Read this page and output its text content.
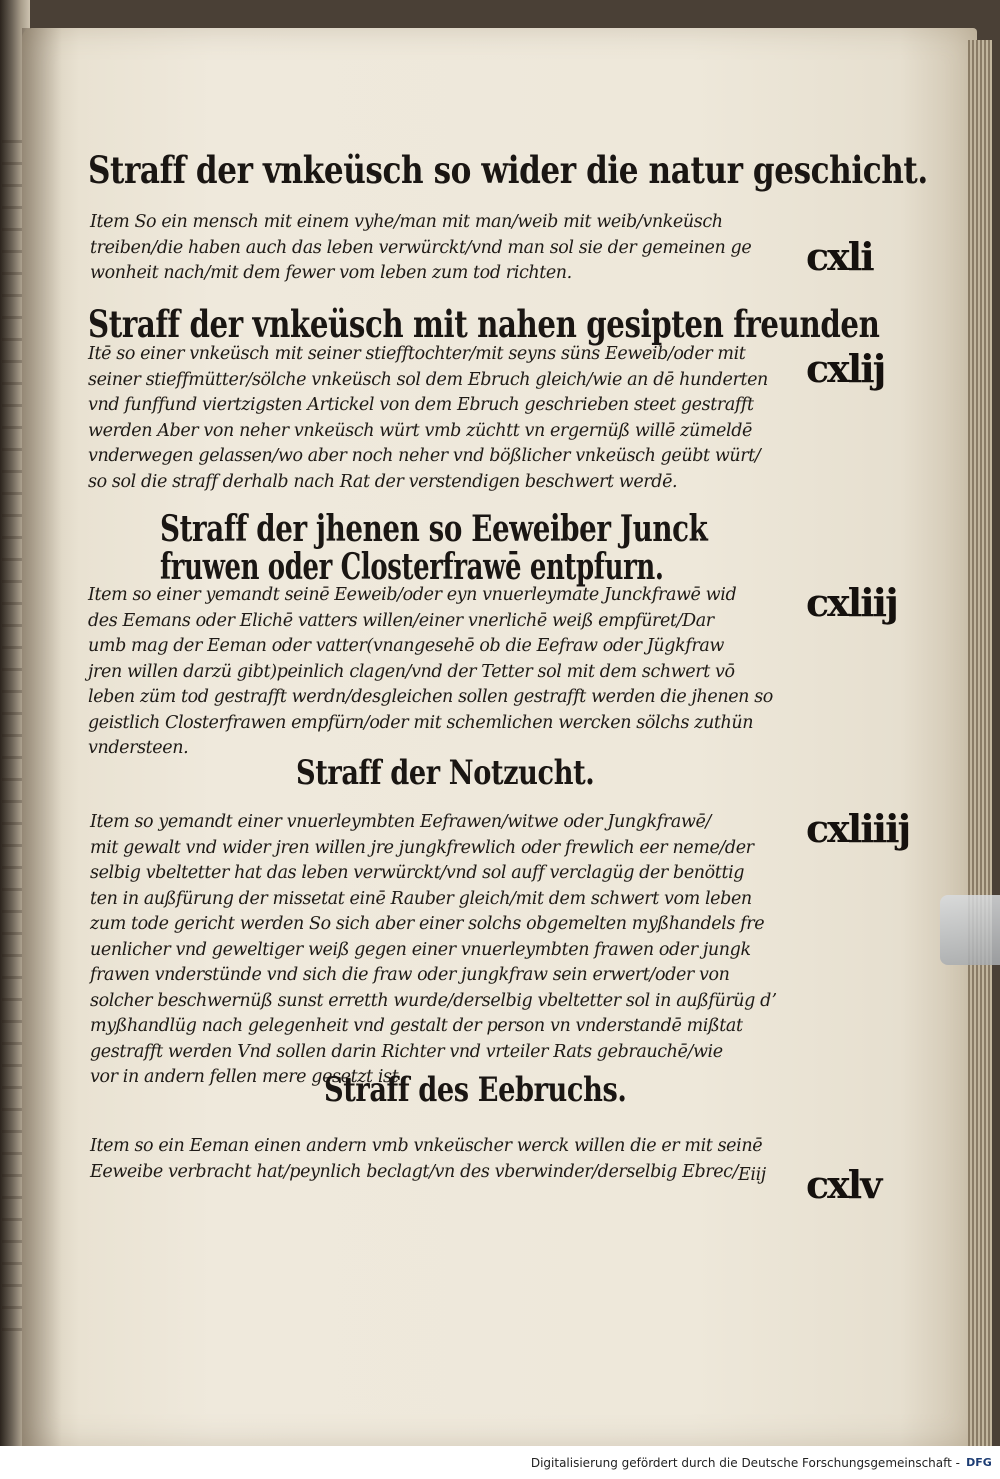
Straff der vnkeüsch so wider die natur geschicht.
Item So ein mensch mit einem vyhe/man mit man/weib mit weib/vnkeüsch
treiben/die haben auch das leben verwürckt/vnd man sol sie der gemeinen ge
wonheit nach/mit dem fewer vom leben zum tod richten.	cxli
Straff der vnkeüsch mit nahen gesipten freunden
Itē so einer vnkeüsch mit seiner stiefftochter/mit seyns süns Eeweib/oder mit
seiner stieffmütter/sölche vnkeüsch sol dem Ebruch gleich/wie an dē hunderten
vnd funffund viertzigsten Artickel von dem Ebruch geschrieben steet gestrafft
werden Aber von neher vnkeüsch würt vmb züchtt vn ergernüß willē zümeldē
vnderwegen gelassen/wo aber noch neher vnd bößlicher vnkeüsch geübt würt/
so sol die straff derhalb nach Rat der verstendigen beschwert werdē.
cxlij
Straff der jhenen so Eeweiber Junck
fruwen oder Closterfrawē entpfurn.
Item so einer yemandt seinē Eeweib/oder eyn vnuerleymate Junckfrawē wid
des Eemans oder Elichē vatters willen/einer vnerlichē weiß empfüret/Dar
umb mag der Eeman oder vatter(vnangesehē ob die Eefraw oder Jügkfraw
jren willen darzü gibt)peinlich clagen/vnd der Tetter sol mit dem schwert vō
leben züm tod gestrafft werdn/desgleichen sollen gestrafft werden die jhenen so
geistlich Closterfrawen empfürn/oder mit schemlichen wercken sölchs zuthün
vndersteen.
cxliij
Straff der Notzucht.
Item so yemandt einer vnuerleymbten Eefrawen/witwe oder Jungkfrawē/
mit gewalt vnd wider jren willen jre jungkfrewlich oder frewlich eer neme/der
selbig vbeltetter hat das leben verwürckt/vnd sol auff verclagüg der benöttig
ten in außfürung der missetat einē Rauber gleich/mit dem schwert vom leben
zum tode gericht werden So sich aber einer solchs obgemelten myßhandels fre
uenlicher vnd geweltiger weiß gegen einer vnuerleymbten frawen oder jungk
frawen vnderstünde vnd sich die fraw oder jungkfraw sein erwert/oder von
solcher beschwernüß sunst erretth wurde/derselbig vbeltetter sol in außfürüg dʼ
myßhandlüg nach gelegenheit vnd gestalt der person vn vnderstandē mißtat
gestrafft werden Vnd sollen darin Richter vnd vrteiler Rats gebrauchē/wie
vor in andern fellen mere gesetzt ist
cxliiij
Straff des Eebruchs.
Item so ein Eeman einen andern vmb vnkeüscher werck willen die er mit seinē
Eeweibe verbracht hat/peynlich beclagt/vn des vberwinder/derselbig Ebrec/	cxlv
Eiij
Digitalisierung gefördert durch die Deutsche Forschungsgemeinschaft - DFG
